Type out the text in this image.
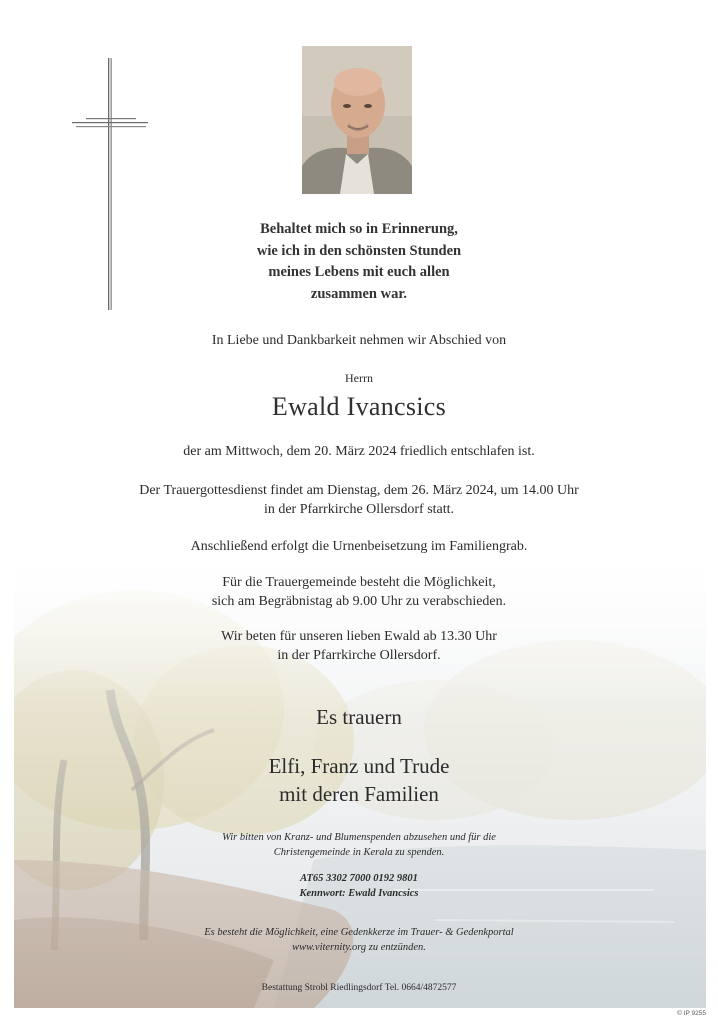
Behaltet mich so in Erinnerung,
wie ich in den schönsten Stunden
meines Lebens mit euch allen
zusammen war.
In Liebe und Dankbarkeit nehmen wir Abschied von
Herrn
Ewald Ivancsics
der am Mittwoch, dem 20. März 2024 friedlich entschlafen ist.
Der Trauergottesdienst findet am Dienstag, dem 26. März 2024, um 14.00 Uhr
in der Pfarrkirche Ollersdorf statt.
Anschließend erfolgt die Urnenbeisetzung im Familiengrab.
Für die Trauergemeinde besteht die Möglichkeit,
sich am Begräbnistag ab 9.00 Uhr zu verabschieden.
Wir beten für unseren lieben Ewald ab 13.30 Uhr
in der Pfarrkirche Ollersdorf.
Es trauern
Elfi, Franz und Trude
mit deren Familien
Wir bitten von Kranz- und Blumenspenden abzusehen und für die
Christengemeinde in Kerala zu spenden.
AT65 3302 7000 0192 9801
Kennwort: Ewald Ivancsics
Es besteht die Möglichkeit, eine Gedenkkerze im Trauer- & Gedenkportal
www.viternity.org zu entzünden.
Bestattung Strobl Riedlingsdorf Tel. 0664/4872577
© IP 9255
